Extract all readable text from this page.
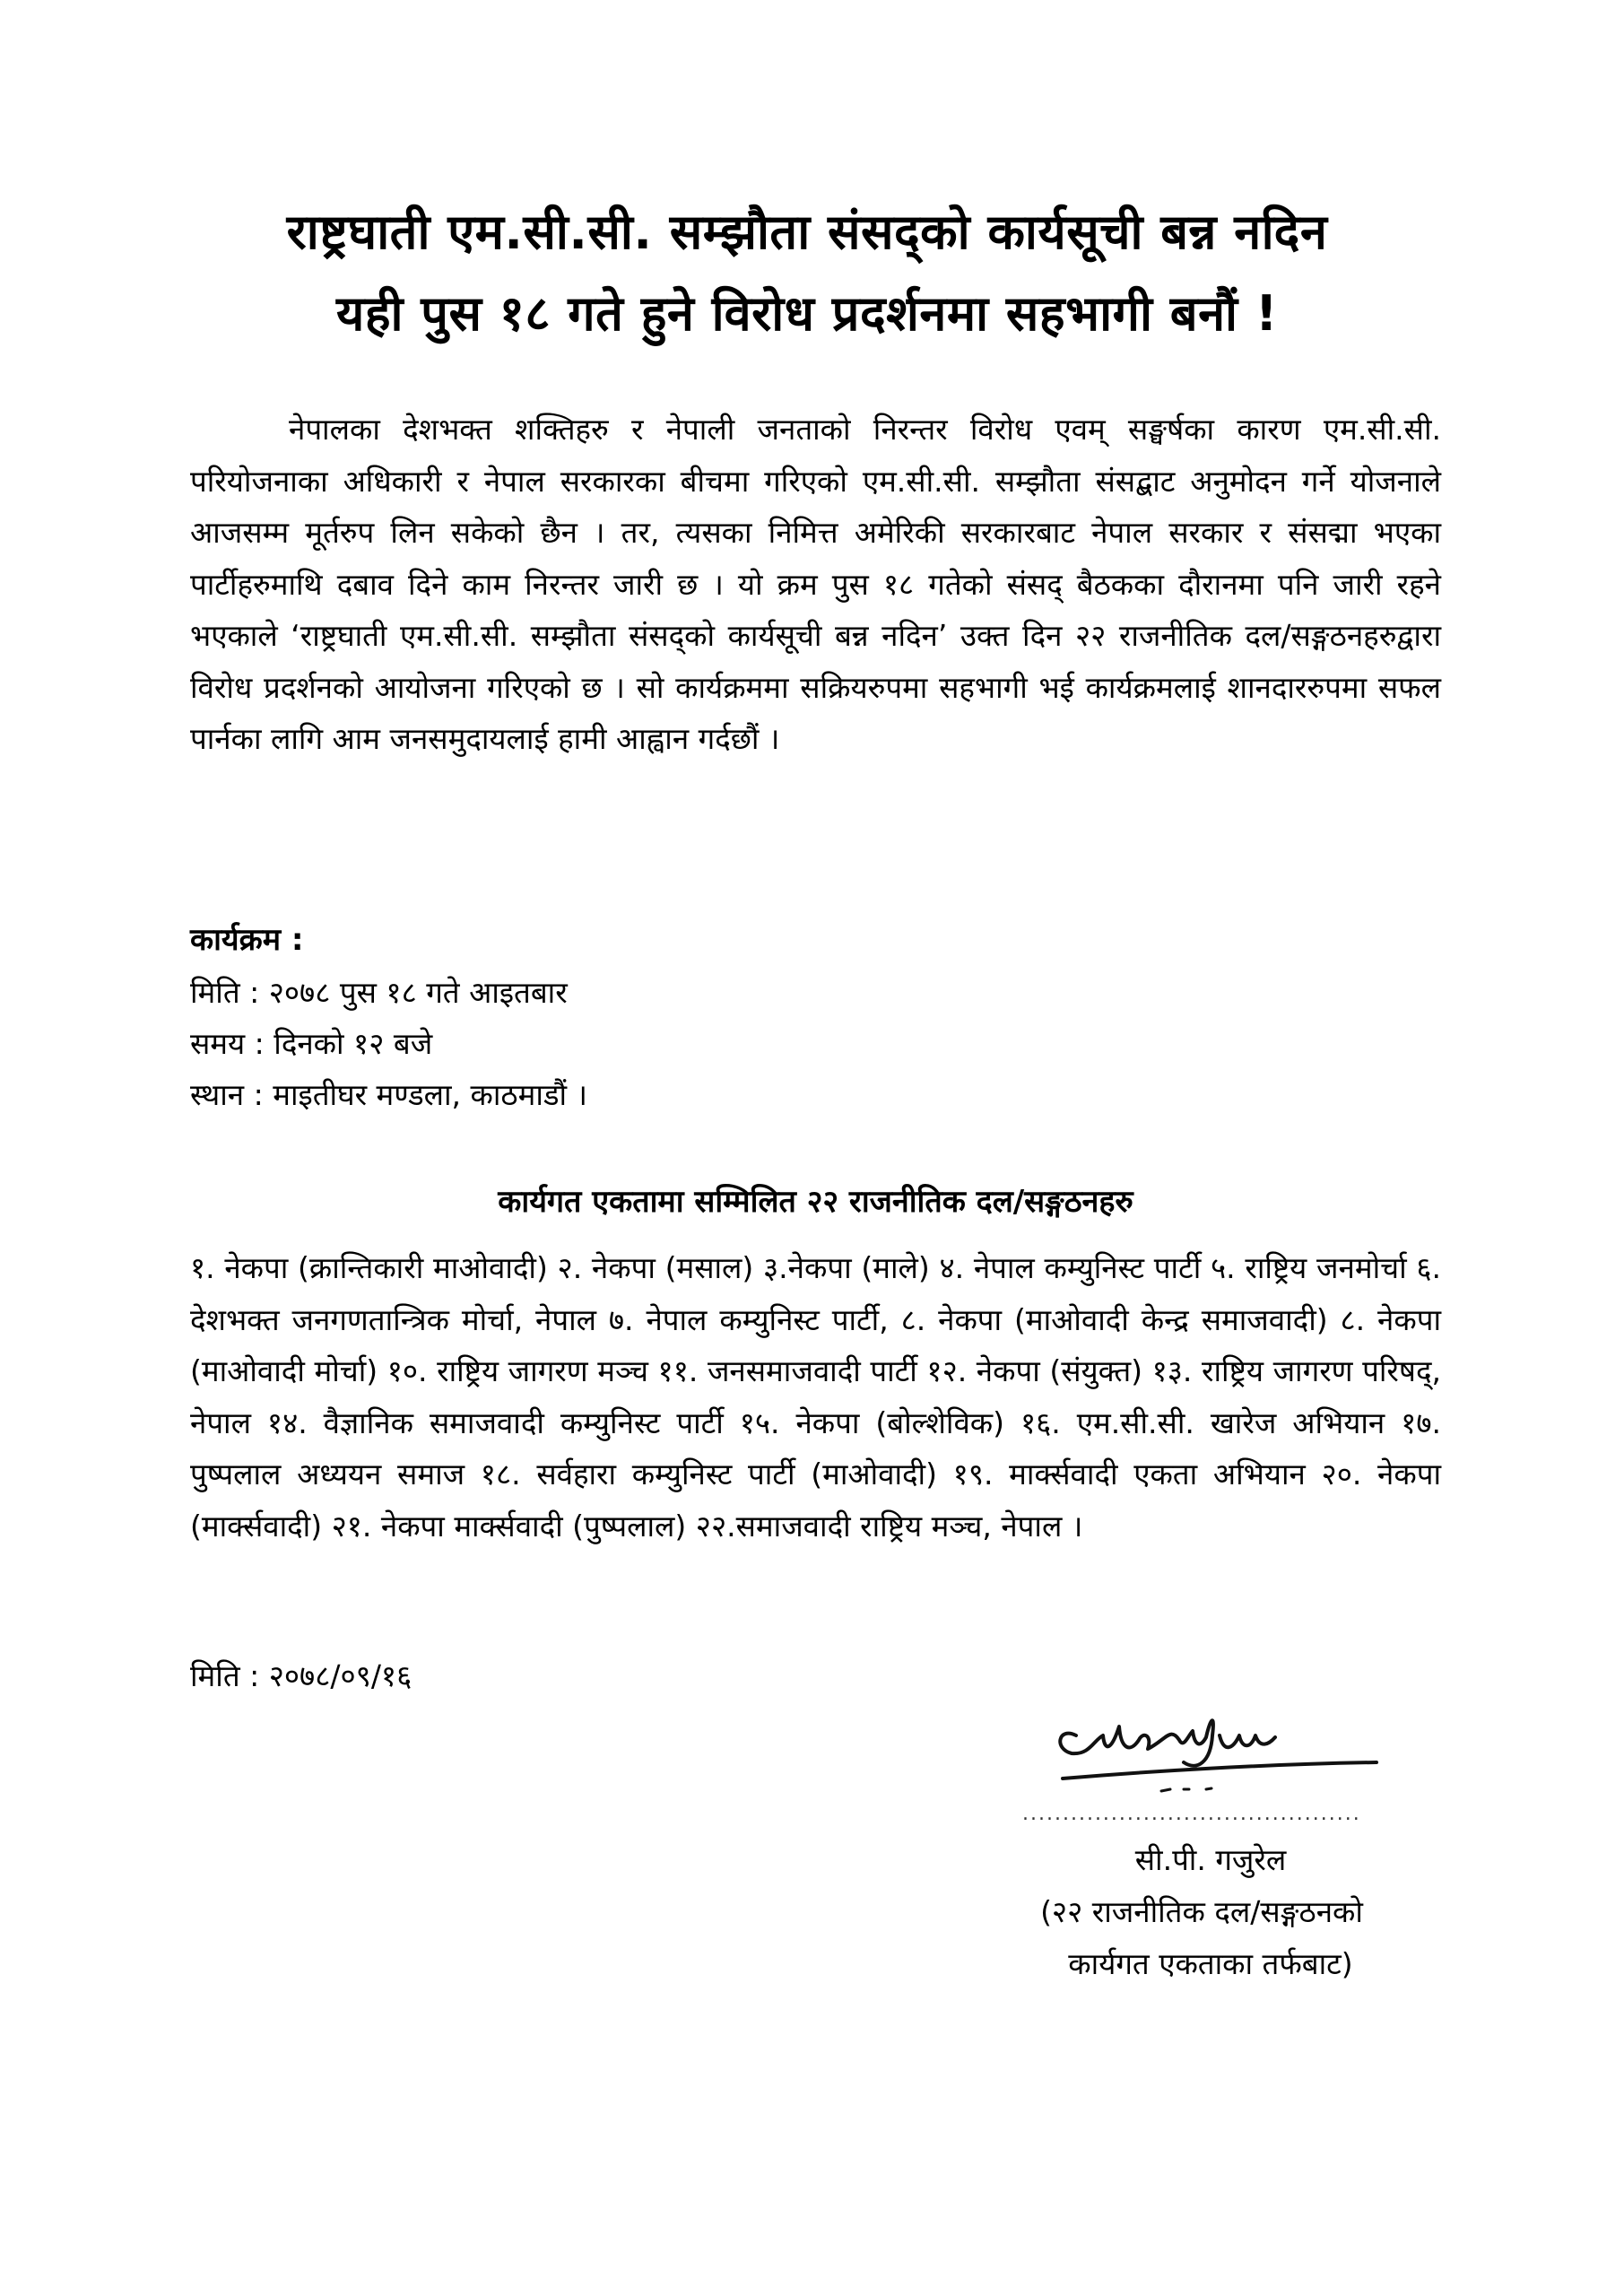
राष्ट्रघाती एम.सी.सी. सम्झौता संसद्को कार्यसूची बन्न नदिन
यही पुस १८ गते हुने विरोध प्रदर्शनमा सहभागी बनौं !
नेपालका देशभक्त शक्तिहरु र नेपाली जनताको निरन्तर विरोध एवम् सङ्घर्षका कारण एम.सी.सी. परियोजनाका अधिकारी र नेपाल सरकारका बीचमा गरिएको एम.सी.सी. सम्झौता संसद्बाट अनुमोदन गर्ने योजनाले आजसम्म मूर्तरुप लिन सकेको छैन । तर, त्यसका निमित्त अमेरिकी सरकारबाट नेपाल सरकार र संसद्मा भएका पार्टीहरुमाथि दबाव दिने काम निरन्तर जारी छ । यो क्रम पुस १८ गतेको संसद् बैठकका दौरानमा पनि जारी रहने भएकाले ‘राष्ट्रघाती एम.सी.सी. सम्झौता संसद्को कार्यसूची बन्न नदिन’ उक्त दिन २२ राजनीतिक दल/सङ्गठनहरुद्वारा विरोध प्रदर्शनको आयोजना गरिएको छ । सो कार्यक्रममा सक्रियरुपमा सहभागी भई कार्यक्रमलाई शानदाररुपमा सफल पार्नका लागि आम जनसमुदायलाई हामी आह्वान गर्दछौं ।
कार्यक्रम :
मिति : २०७८ पुस १८ गते आइतबार
समय : दिनको १२ बजे
स्थान : माइतीघर मण्डला, काठमाडौं ।
कार्यगत एकतामा सम्मिलित २२ राजनीतिक दल/सङ्गठनहरु
१. नेकपा (क्रान्तिकारी माओवादी) २. नेकपा (मसाल) ३.नेकपा (माले) ४. नेपाल कम्युनिस्ट पार्टी ५. राष्ट्रिय जनमोर्चा ६. देशभक्त जनगणतान्त्रिक मोर्चा, नेपाल ७. नेपाल कम्युनिस्ट पार्टी, ८. नेकपा (माओवादी केन्द्र समाजवादी) ८. नेकपा (माओवादी मोर्चा) १०. राष्ट्रिय जागरण मञ्च ११. जनसमाजवादी पार्टी १२. नेकपा (संयुक्त) १३. राष्ट्रिय जागरण परिषद्, नेपाल १४. वैज्ञानिक समाजवादी कम्युनिस्ट पार्टी १५. नेकपा (बोल्शेविक) १६. एम.सी.सी. खारेज अभियान १७. पुष्पलाल अध्ययन समाज १८. सर्वहारा कम्युनिस्ट पार्टी (माओवादी) १९. मार्क्सवादी एकता अभियान २०. नेकपा (मार्क्सवादी) २१. नेकपा मार्क्सवादी (पुष्पलाल) २२.समाजवादी राष्ट्रिय मञ्च, नेपाल ।
मिति : २०७८/०९/१६
..........................................
सी.पी. गजुरेल
(२२ राजनीतिक दल/सङ्गठनको
कार्यगत एकताका तर्फबाट)
